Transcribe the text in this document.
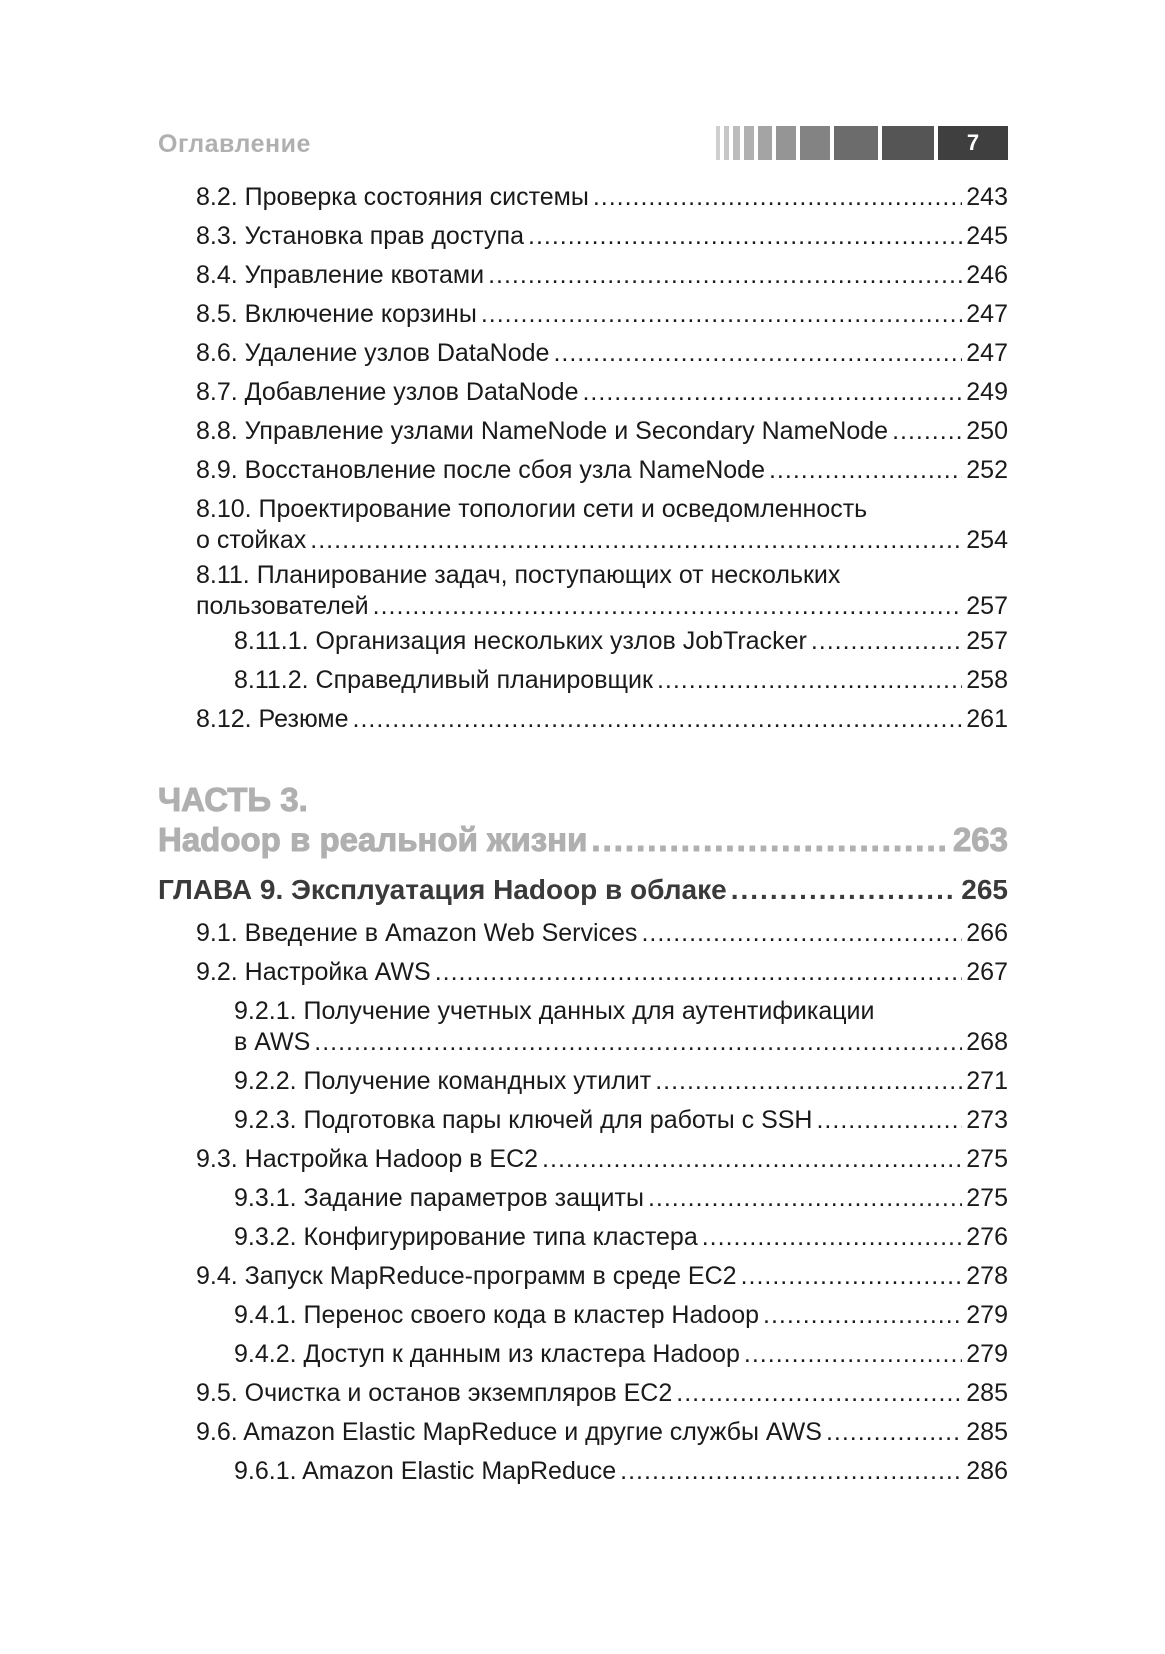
Оглавление	7
8.2. Проверка состояния системы .....	243
8.3. Установка прав доступа .....	245
8.4. Управление квотами .....	246
8.5. Включение корзины .....	247
8.6. Удаление узлов DataNode .....	247
8.7. Добавление узлов DataNode .....	249
8.8. Управление узлами NameNode и Secondary NameNode .....	250
8.9. Восстановление после сбоя узла NameNode .....	252
8.10. Проектирование топологии сети и осведомленность
о стойках .....	254
8.11. Планирование задач, поступающих от нескольких
пользователей .....	257
8.11.1. Организация нескольких узлов JobTracker .....	257
8.11.2. Справедливый планировщик .....	258
8.12. Резюме .....	261
ЧАСТЬ 3.
Hadoop в реальной жизни .....	263
ГЛАВА 9. Эксплуатация Hadoop в облаке .....	265
9.1. Введение в Amazon Web Services .....	266
9.2. Настройка AWS .....	267
9.2.1. Получение учетных данных для аутентификации
в AWS .....	268
9.2.2. Получение командных утилит .....	271
9.2.3. Подготовка пары ключей для работы с SSH .....	273
9.3. Настройка Hadoop в EC2 .....	275
9.3.1. Задание параметров защиты .....	275
9.3.2. Конфигурирование типа кластера .....	276
9.4. Запуск MapReduce-программ в среде EC2 .....	278
9.4.1. Перенос своего кода в кластер Hadoop .....	279
9.4.2. Доступ к данным из кластера Hadoop .....	279
9.5. Очистка и останов экземпляров EC2 .....	285
9.6. Amazon Elastic MapReduce и другие службы AWS .....	285
9.6.1. Amazon Elastic MapReduce .....	286
